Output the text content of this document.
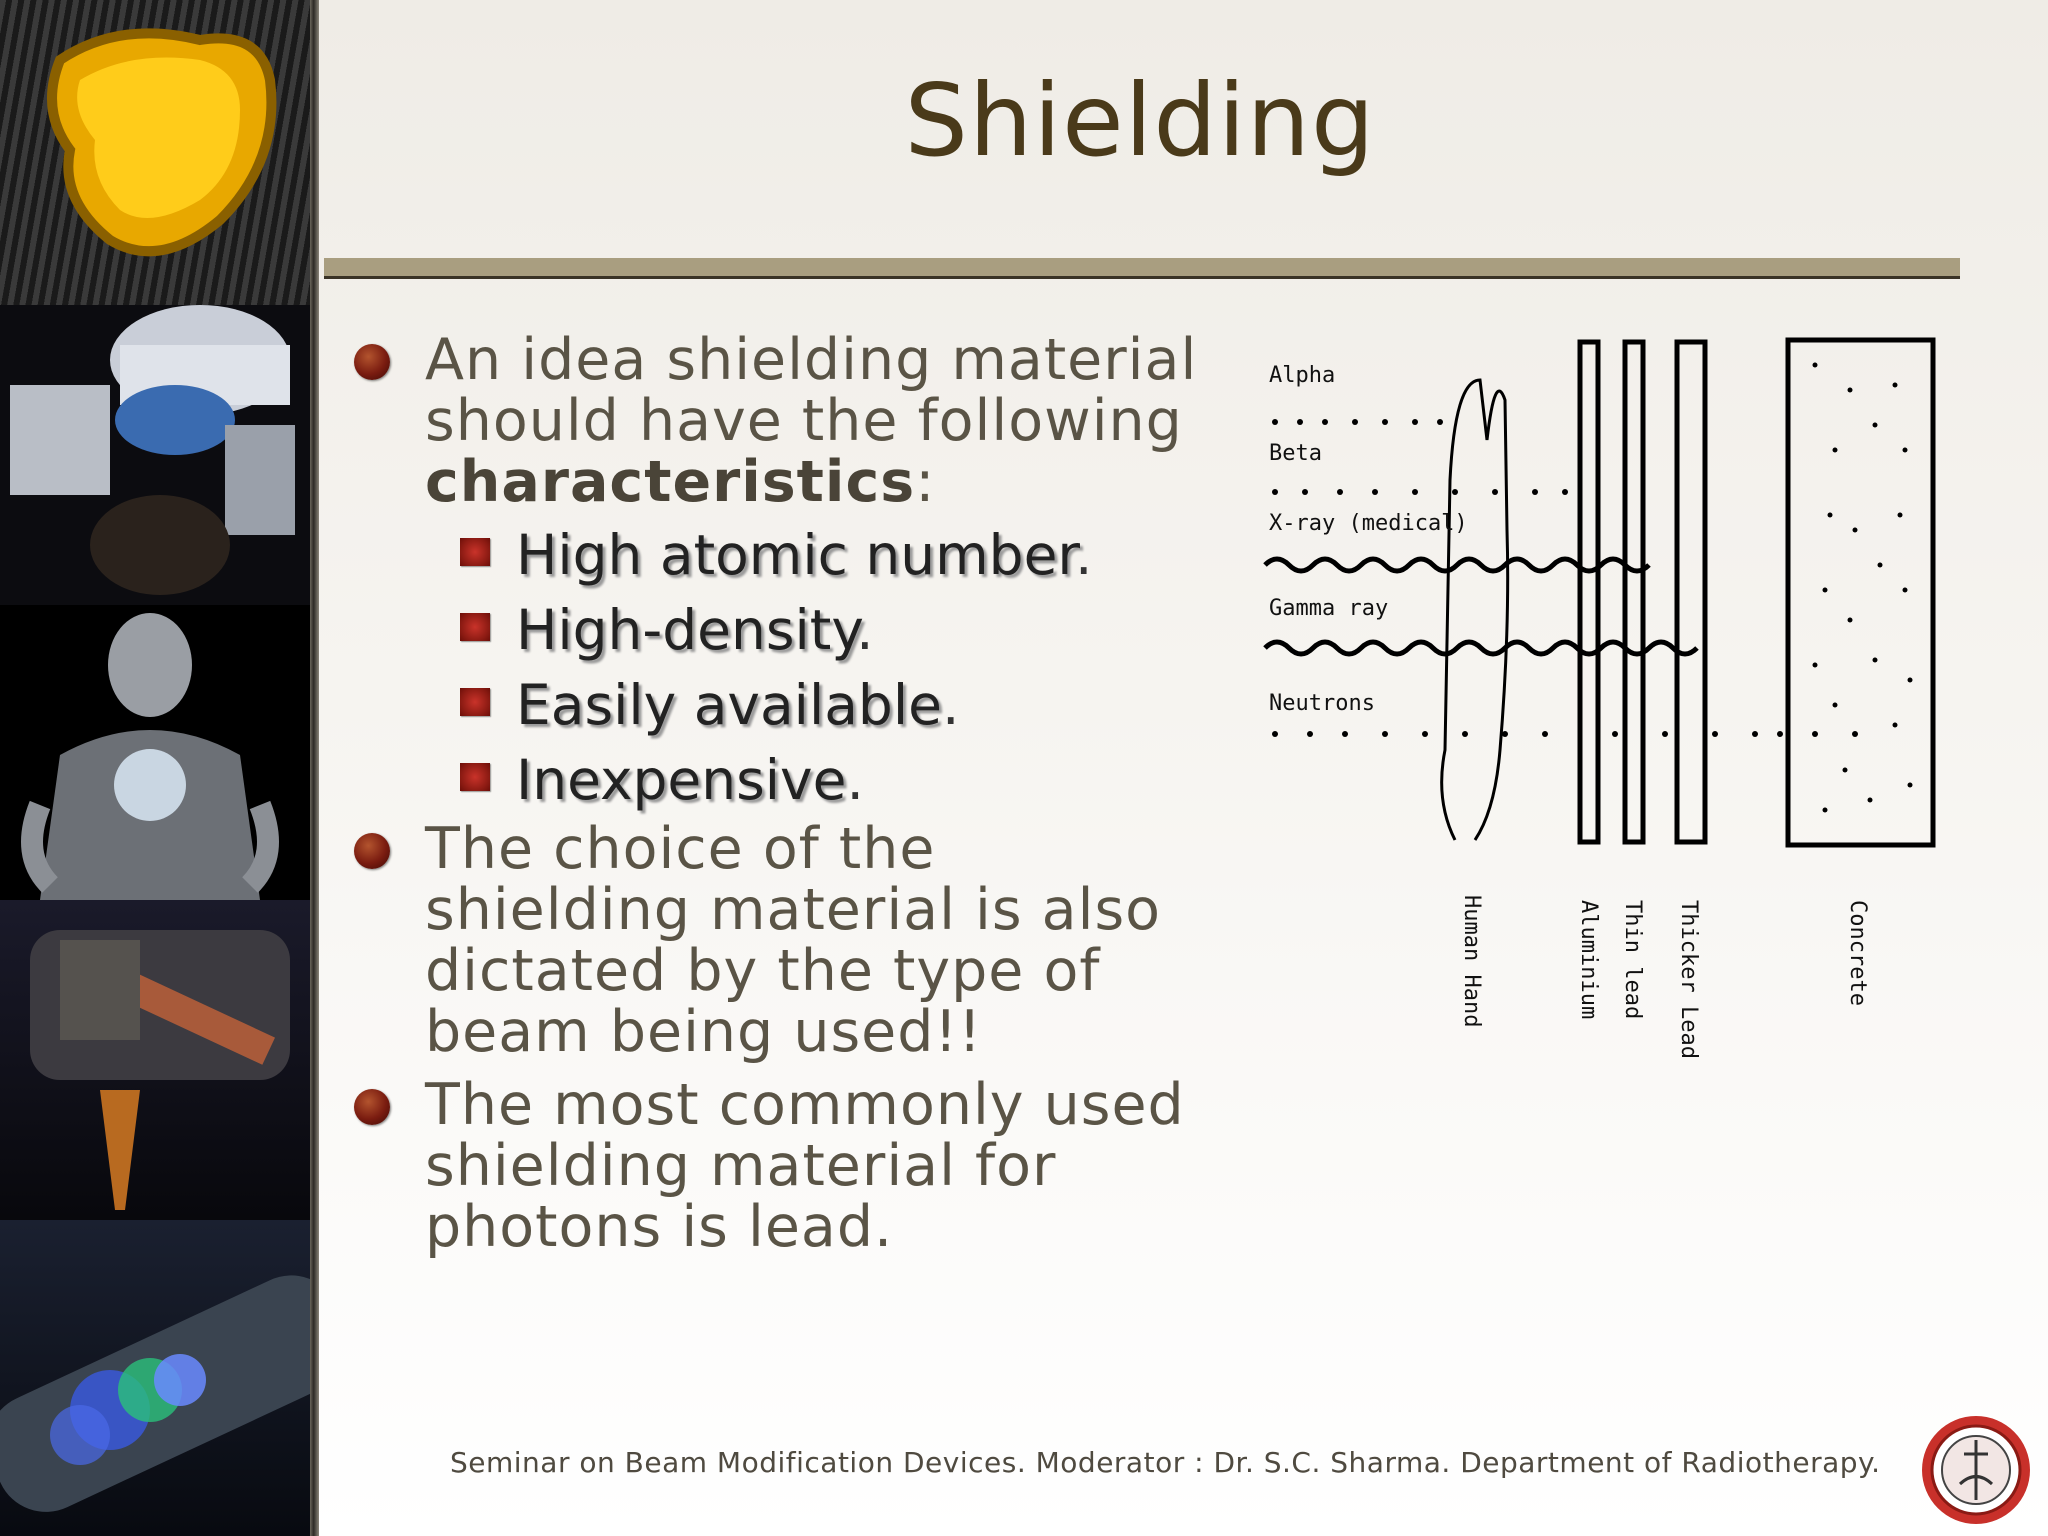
Shielding
An idea shielding material should have the following characteristics:
High atomic number.
High-density.
Easily available.
Inexpensive.
The choice of the shielding material is also dictated by the type of beam being used!!
The most commonly used shielding material for photons is lead.
Alpha
Beta
X-ray (medical)
Gamma ray
Neutrons
Human Hand	Aluminium Thin lead Thicker Lead	Concrete
Seminar on Beam Modification Devices. Moderator : Dr. S.C. Sharma. Department of Radiotherapy.
